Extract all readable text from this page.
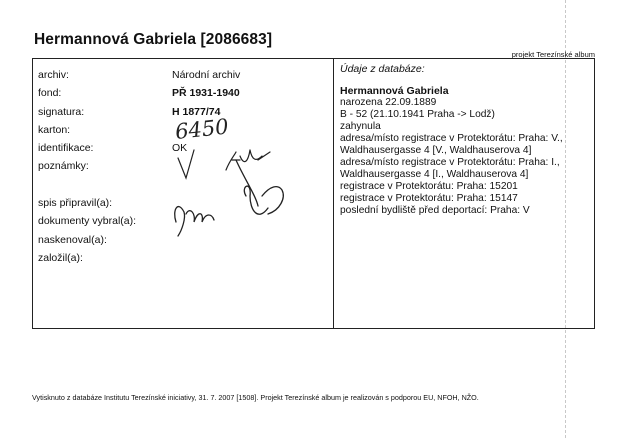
Hermannová Gabriela [2086683]
projekt Terezínské album
archiv:
fond:
signatura:
karton:
identifikace:
poznámky:
spis připravil(a):
dokumenty vybral(a):
naskenoval(a):
založil(a):
Národní archiv
PŘ 1931-1940
H 1877/74
OK
6450
Údaje z databáze:
Hermannová Gabriela
narozena 22.09.1889
B - 52 (21.10.1941 Praha -> Lodž)
zahynula
adresa/místo registrace v Protektorátu: Praha: V.,
Waldhausergasse 4 [V., Waldhauserova 4]
adresa/místo registrace v Protektorátu: Praha: I.,
Waldhausergasse 4 [I., Waldhauserova 4]
registrace v Protektorátu: Praha: 15201
registrace v Protektorátu: Praha: 15147
poslední bydliště před deportací: Praha: V
Vytisknuto z databáze Institutu Terezínské iniciativy, 31. 7. 2007 [1508]. Projekt Terezínské album je realizován s podporou EU, NFOH, NŽO.
